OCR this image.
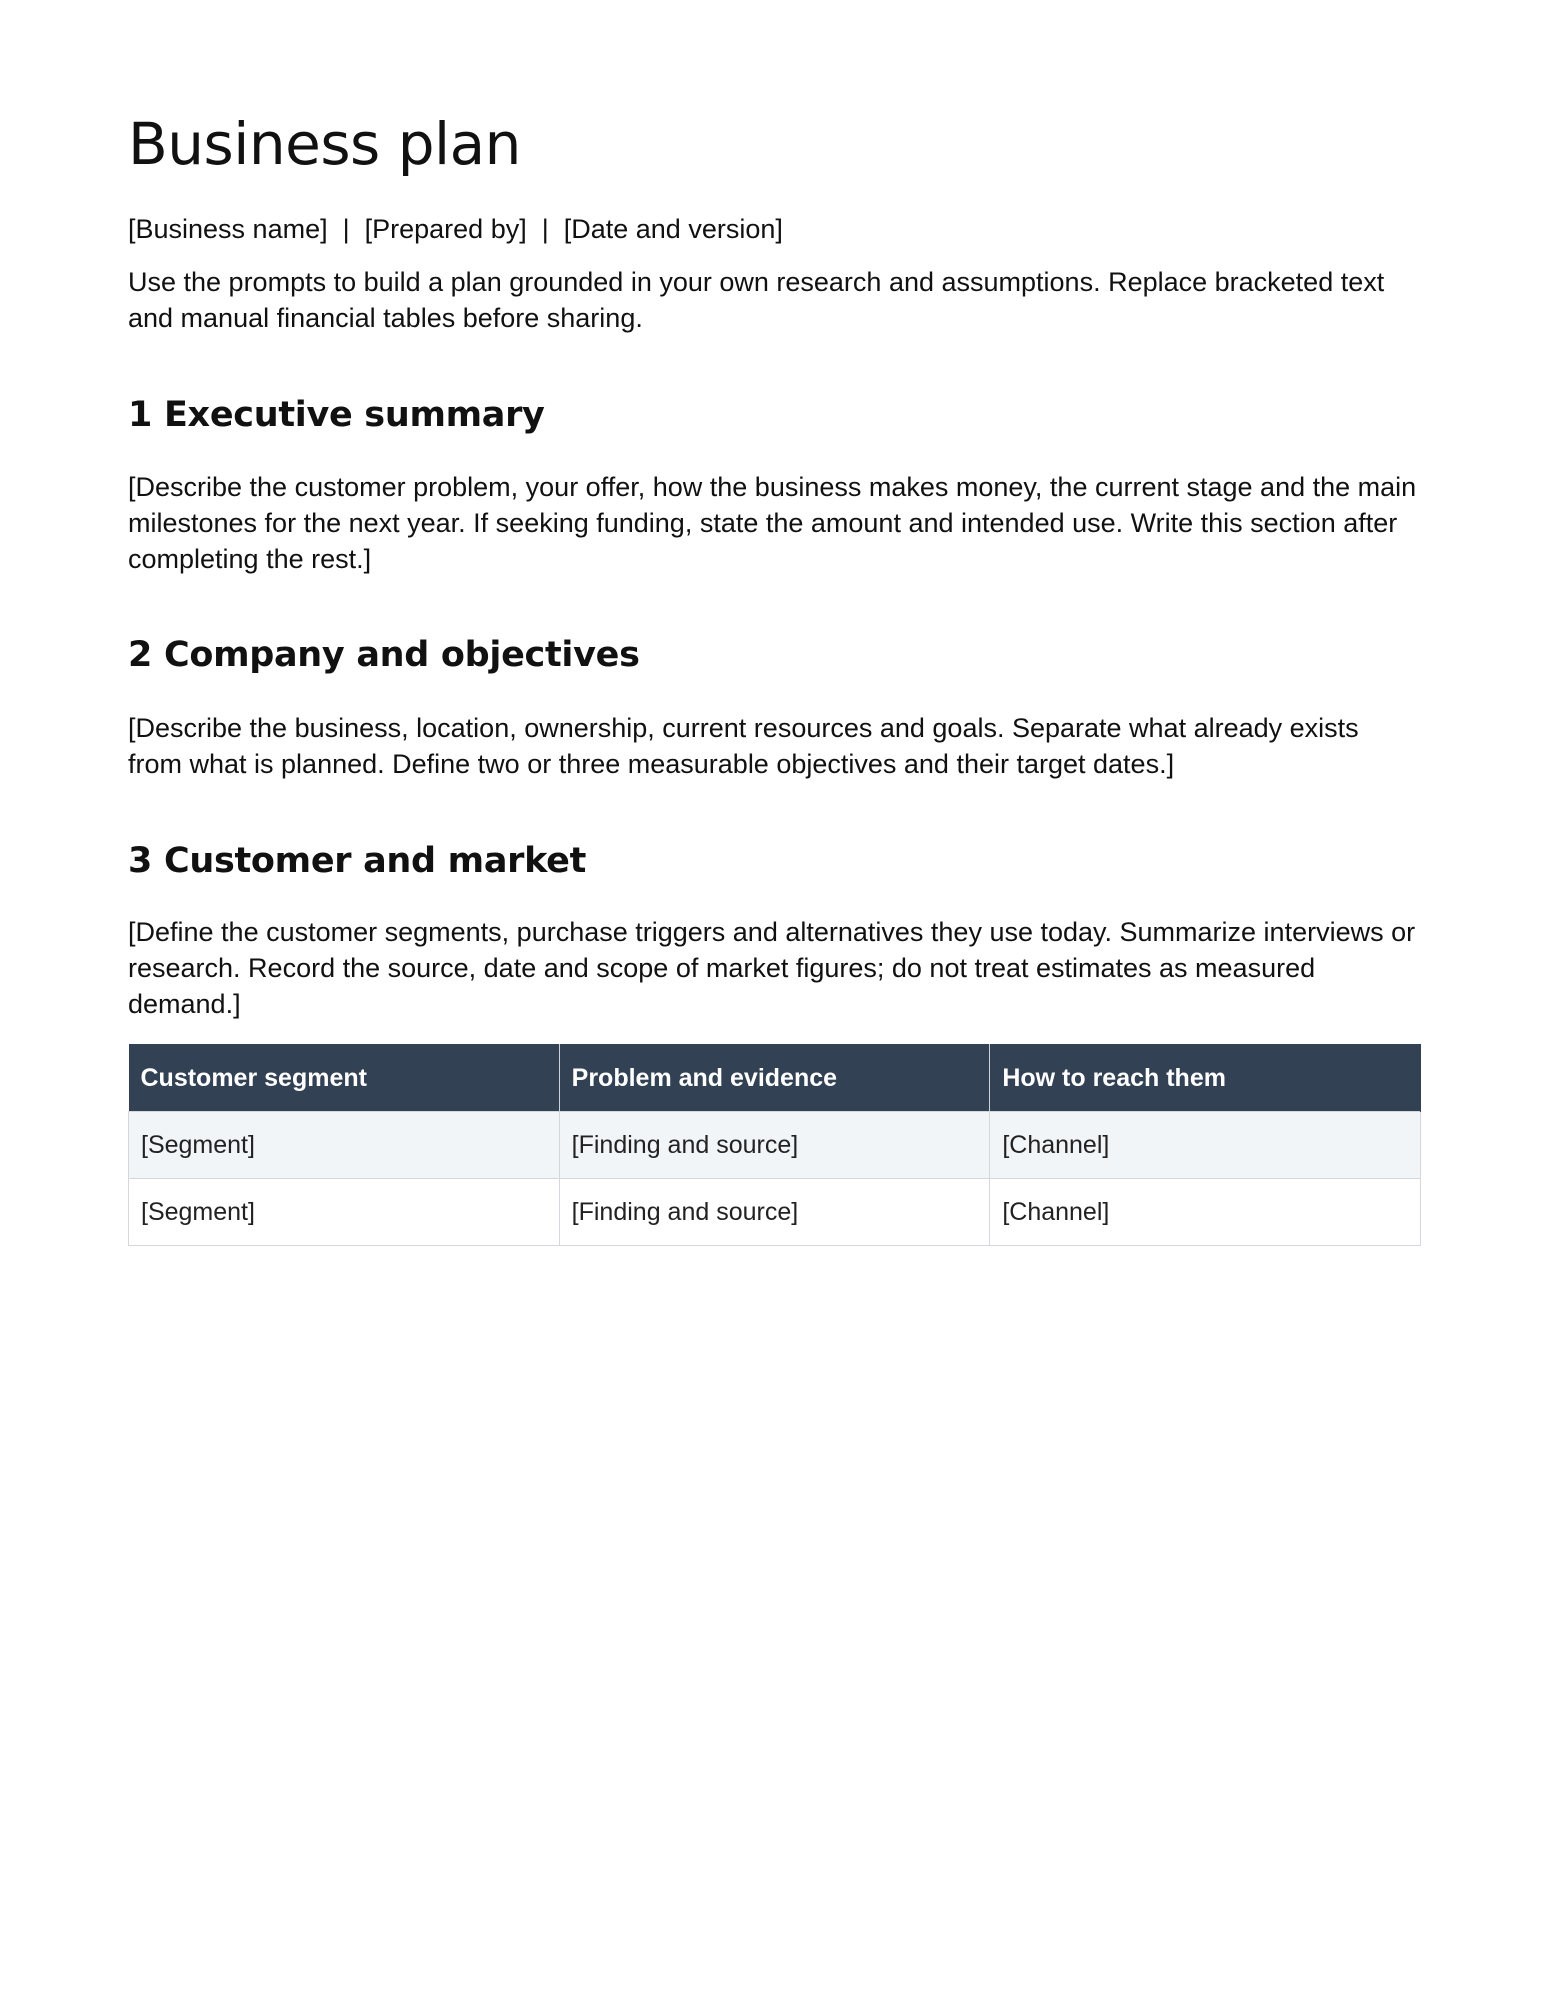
Business plan
[Business name]  |  [Prepared by]  |  [Date and version]

Use the prompts to build a plan grounded in your own research and assumptions. Replace bracketed text and manual financial tables before sharing.

1 Executive summary

[Describe the customer problem, your offer, how the business makes money, the current stage and the main milestones for the next year. If seeking funding, state the amount and intended use. Write this section after completing the rest.]

2 Company and objectives

[Describe the business, location, ownership, current resources and goals. Separate what already exists from what is planned. Define two or three measurable objectives and their target dates.]

3 Customer and market

[Define the customer segments, purchase triggers and alternatives they use today. Summarize interviews or research. Record the source, date and scope of market figures; do not treat estimates as measured demand.]

Customer segment	Problem and evidence	How to reach them
[Segment]	[Finding and source]	[Channel]
[Segment]	[Finding and source]	[Channel]
